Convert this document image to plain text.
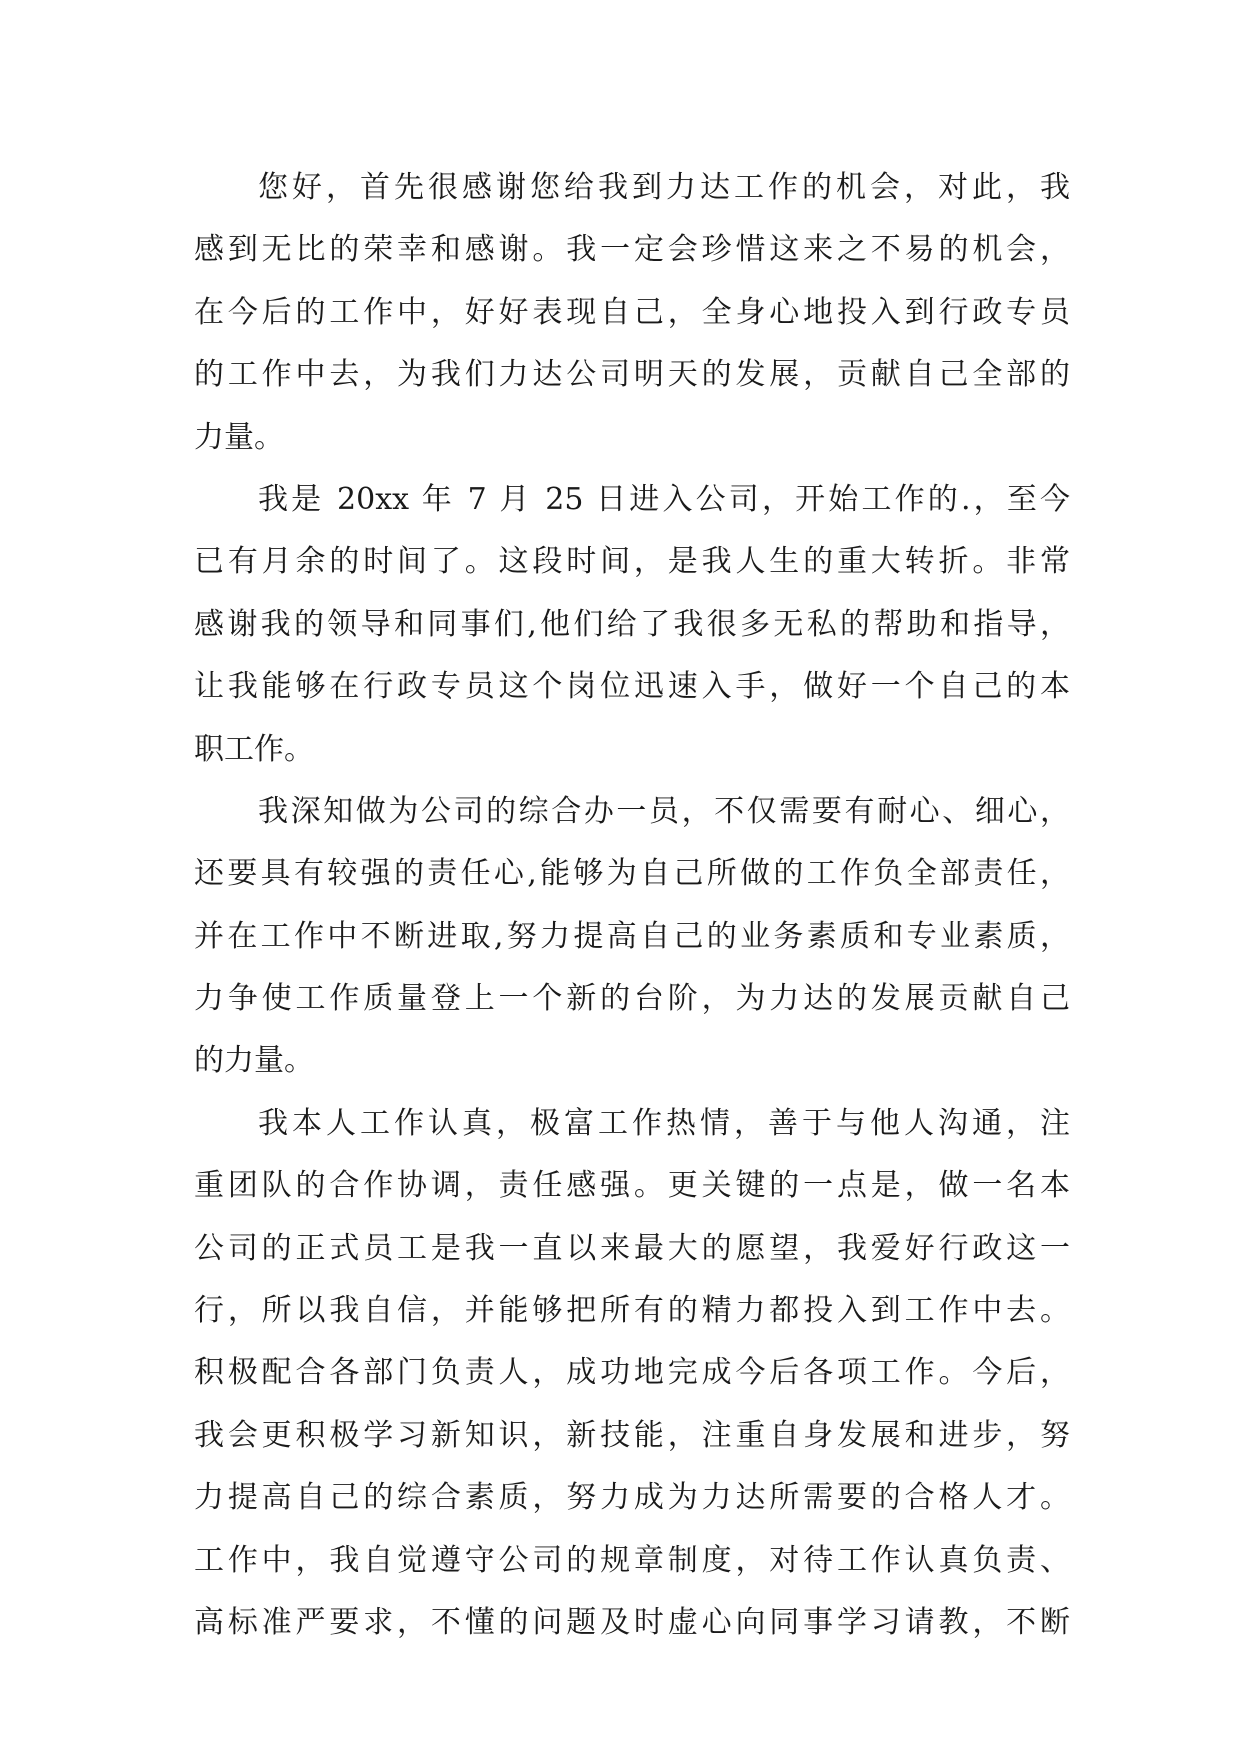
您好，首先很感谢您给我到力达工作的机会，对此，我
感到无比的荣幸和感谢。我一定会珍惜这来之不易的机会，
在今后的工作中，好好表现自己，全身心地投入到行政专员
的工作中去，为我们力达公司明天的发展，贡献自己全部的
力量。
我是 20xx 年 7 月 25 日进入公司，开始工作的.，至今
已有月余的时间了。这段时间，是我人生的重大转折。非常
感谢我的领导和同事们,他们给了我很多无私的帮助和指导，
让我能够在行政专员这个岗位迅速入手，做好一个自己的本
职工作。
我深知做为公司的综合办一员，不仅需要有耐心、细心，
还要具有较强的责任心,能够为自己所做的工作负全部责任，
并在工作中不断进取,努力提高自己的业务素质和专业素质，
力争使工作质量登上一个新的台阶，为力达的发展贡献自己
的力量。
我本人工作认真，极富工作热情，善于与他人沟通，注
重团队的合作协调，责任感强。更关键的一点是，做一名本
公司的正式员工是我一直以来最大的愿望，我爱好行政这一
行，所以我自信，并能够把所有的精力都投入到工作中去。
积极配合各部门负责人，成功地完成今后各项工作。今后，
我会更积极学习新知识，新技能，注重自身发展和进步，努
力提高自己的综合素质，努力成为力达所需要的合格人才。
工作中，我自觉遵守公司的规章制度，对待工作认真负责、
高标准严要求，不懂的问题及时虚心向同事学习请教，不断
